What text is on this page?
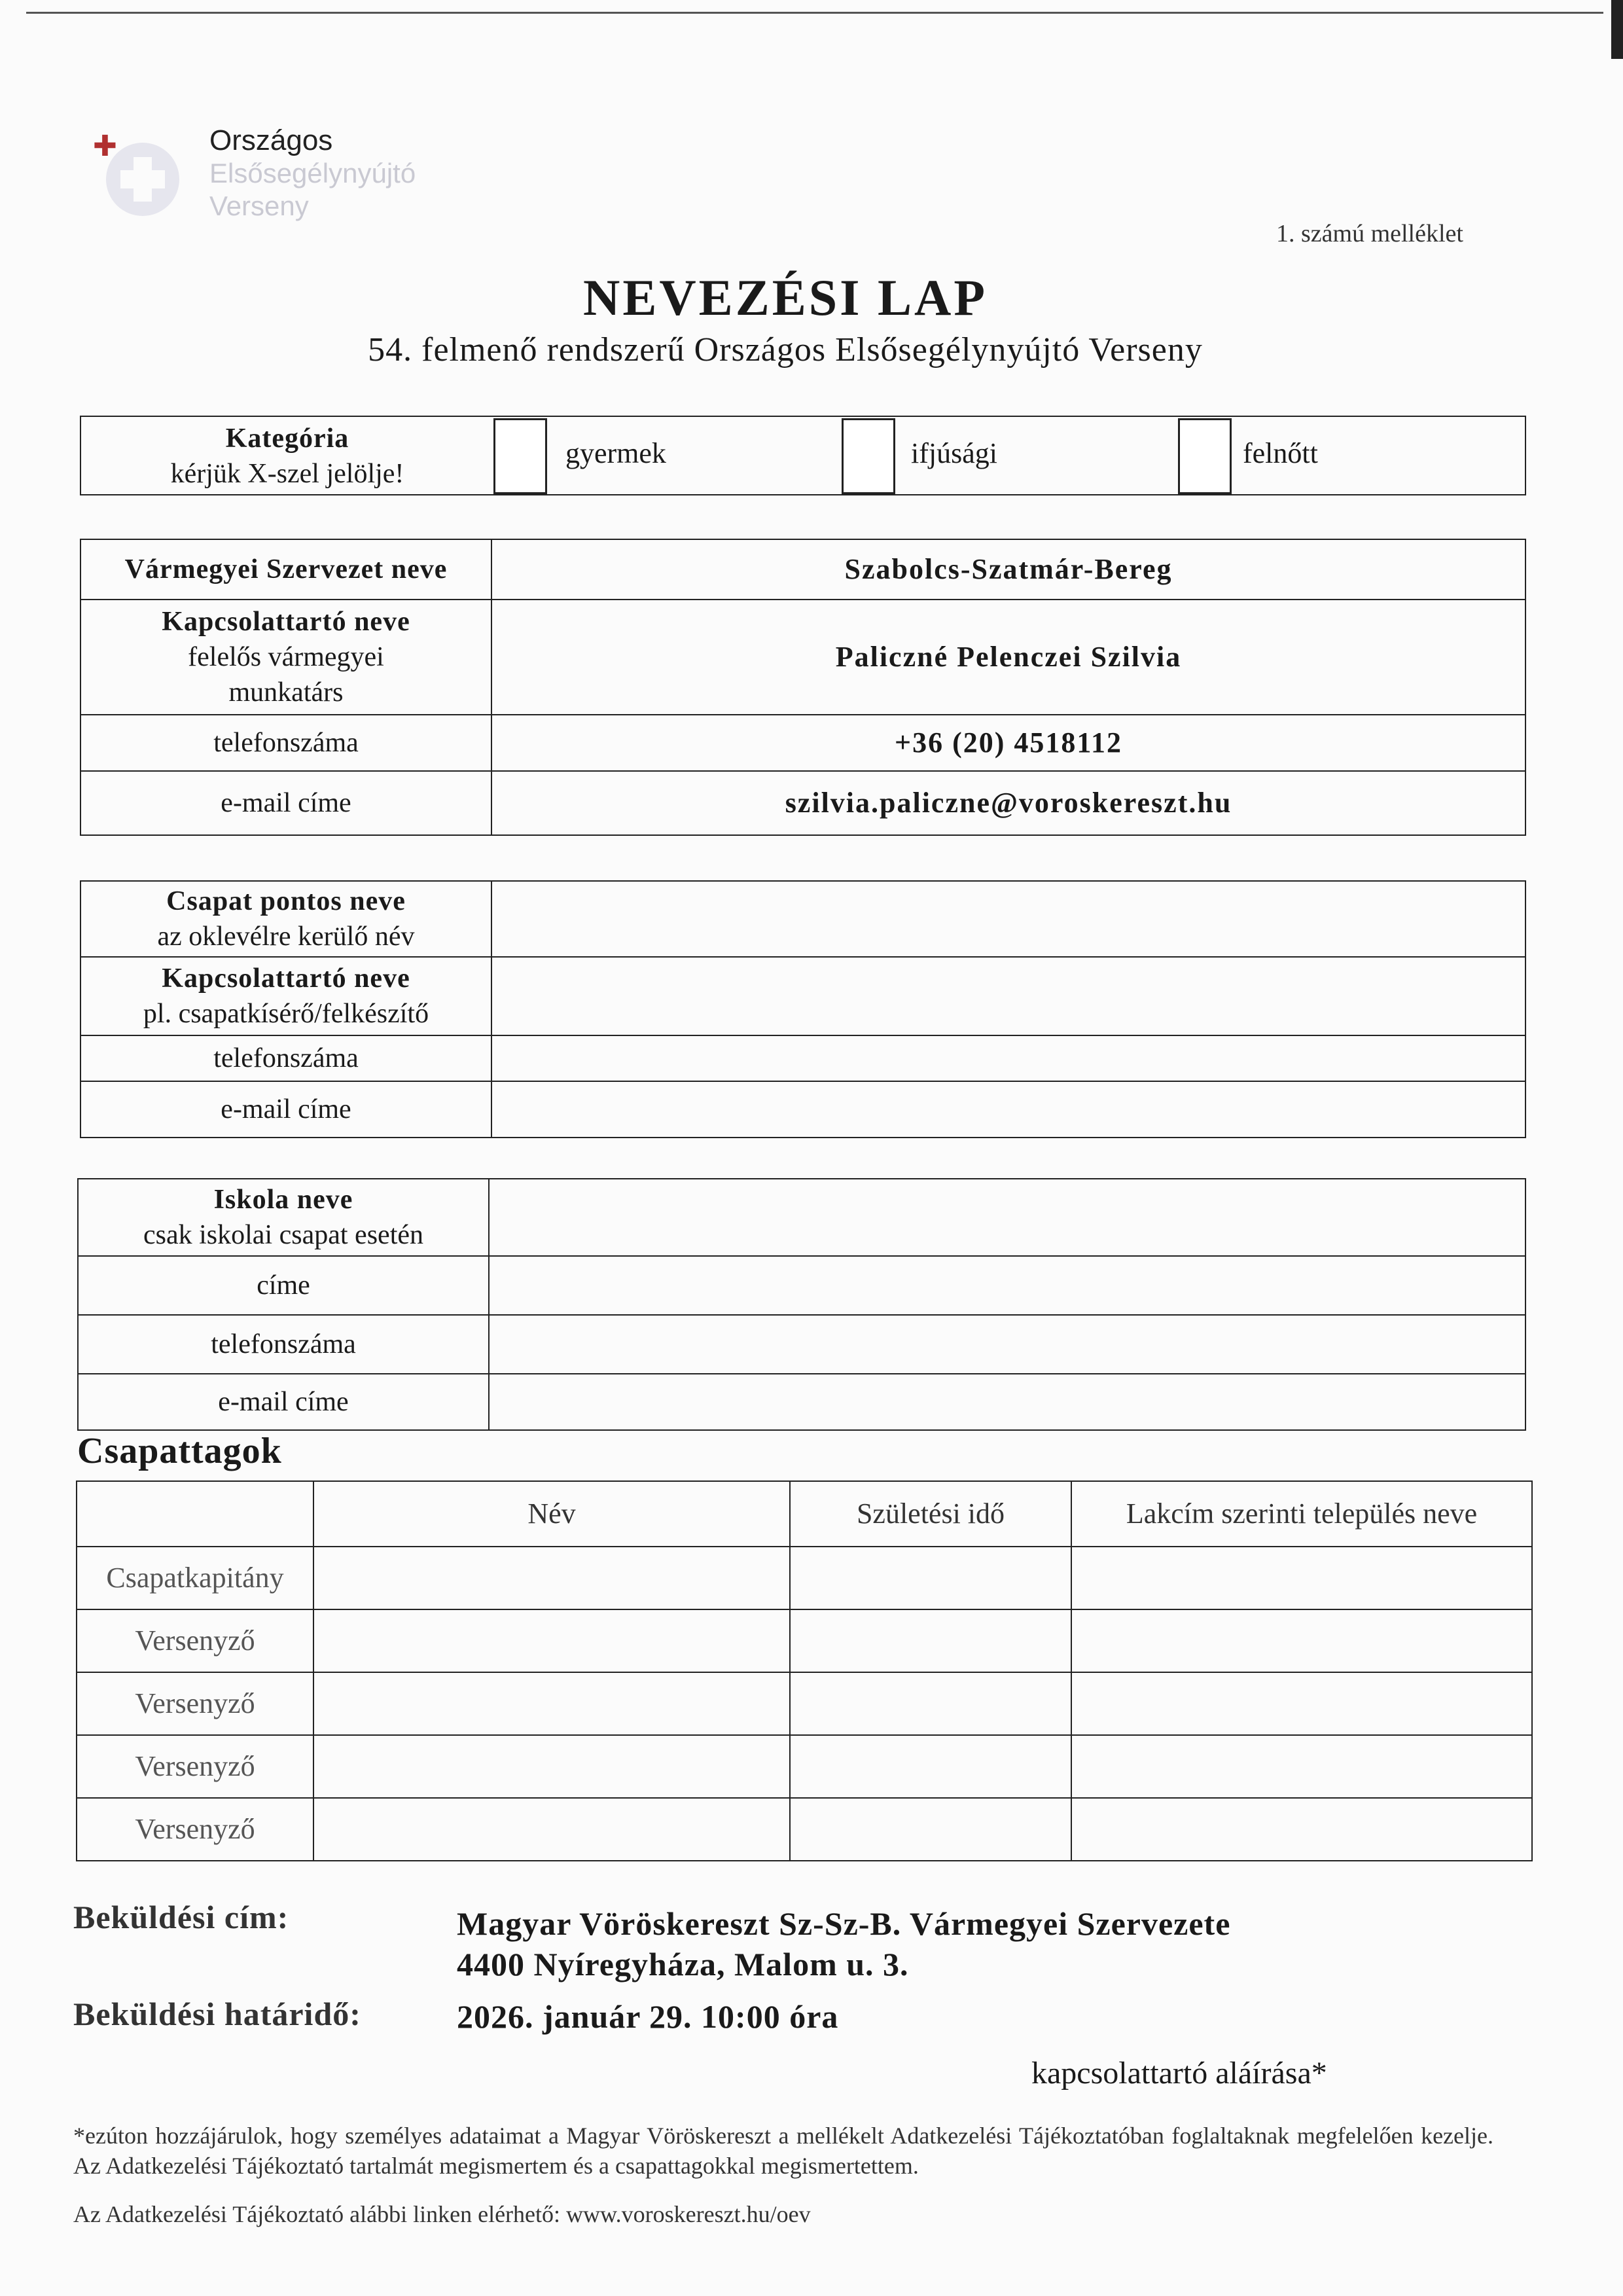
✚	Országos
Elsősegélynyújtó
Verseny
1. számú melléklet
NEVEZÉSI LAP
54. felmenő rendszerű Országos Elsősegélynyújtó Verseny
Kategória
kérjük X-szel jelölje!
gyermek	ifjúsági	felnőtt
Vármegyei Szervezet neve	Szabolcs-Szatmár-Bereg

Kapcsolattartó neve
felelős vármegyei
munkatárs	Paliczné Pelenczei Szilvia
telefonszáma	+36 (20) 4518112
e-mail címe	szilvia.paliczne@voroskereszt.hu
Csapat pontos neve
az oklevélre kerülő név	

Kapcsolattartó neve
pl. csapatkísérő/felkészítő	

telefonszáma	
e-mail címe	
Iskola neve
csak iskolai csapat esetén	

címe	
telefonszáma	
e-mail címe	
Csapattagok
	Név	Születési idő	Lakcím szerinti település neve
Csapatkapitány			
Versenyző			
Versenyző			
Versenyző			
Versenyző			
Beküldési cím:	Magyar Vöröskereszt Sz-Sz-B. Vármegyei Szervezete
4400 Nyíregyháza, Malom u. 3.
Beküldési határidő:	2026. január 29. 10:00 óra
kapcsolattartó aláírása*
*ezúton hozzájárulok, hogy személyes adataimat a Magyar Vöröskereszt a mellékelt Adatkezelési Tájékoztatóban foglaltaknak megfelelően kezelje. Az Adatkezelési Tájékoztató tartalmát megismertem és a csapattagokkal megismertettem.
Az Adatkezelési Tájékoztató alábbi linken elérhető: www.voroskereszt.hu/oev
